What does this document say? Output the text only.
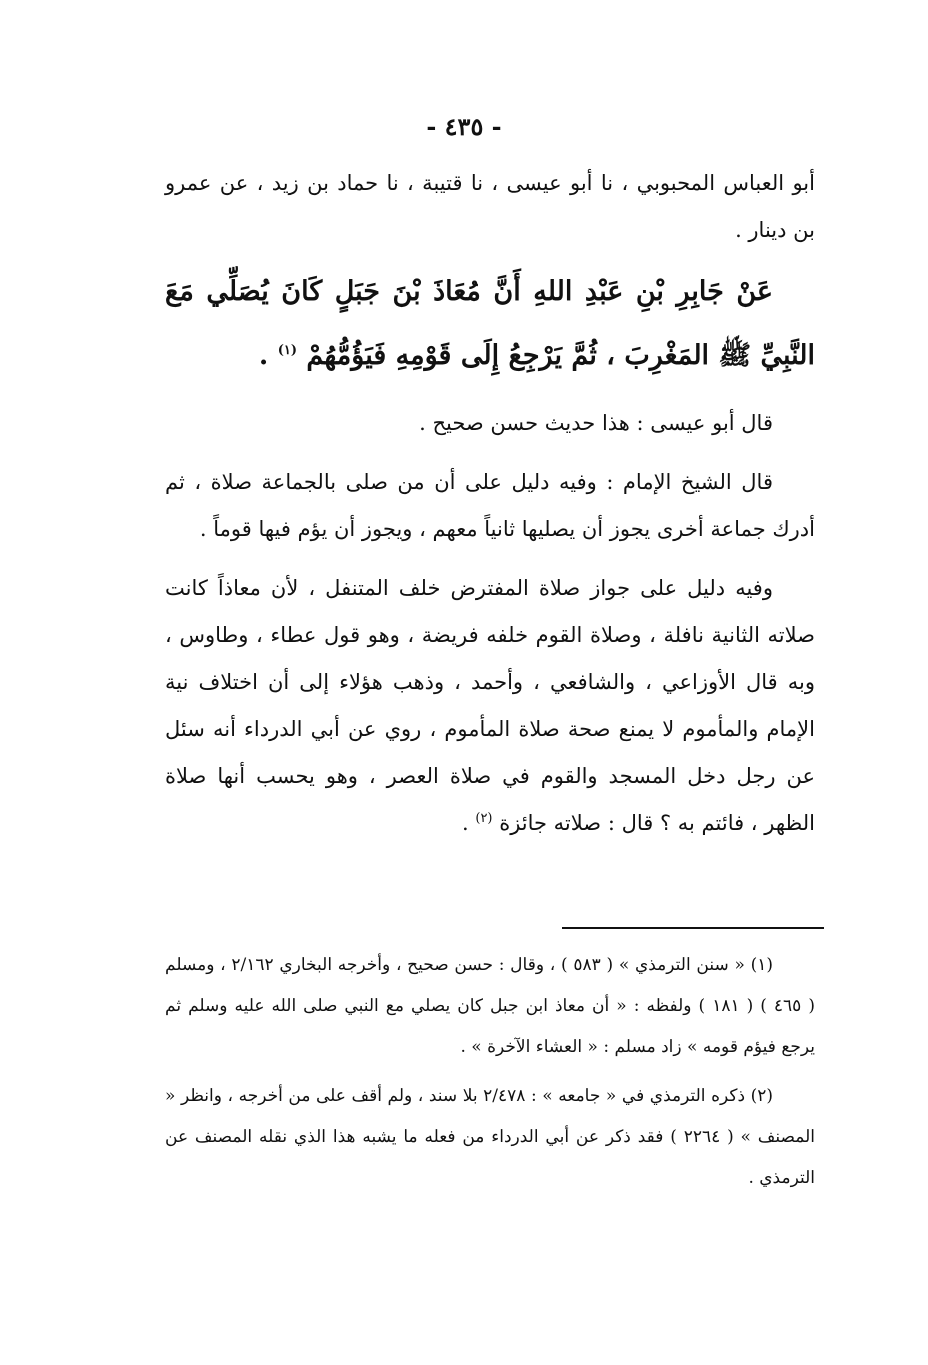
- ٤٣٥ -

أبو العباس المحبوبي ، نا أبو عيسى ، نا قتيبة ، نا حماد بن زيد ، عن عمرو بن دينار .

عَنْ جَابِرِ بْنِ عَبْدِ اللهِ أَنَّ مُعَاذَ بْنَ جَبَلٍ كَانَ يُصَلِّي مَعَ النَّبِيِّ ﷺ المَغْرِبَ ، ثُمَّ يَرْجِعُ إِلَى قَوْمِهِ فَيَؤُمُّهُمْ $^{(١)}$ .

قال أبو عيسى : هذا حديث حسن صحيح .

قال الشيخ الإمام : وفيه دليل على أن من صلى بالجماعة صلاة ، ثم أدرك جماعة أخرى يجوز أن يصليها ثانياً معهم ، ويجوز أن يؤم فيها قوماً .

وفيه دليل على جواز صلاة المفترض خلف المتنفل ، لأن معاذاً كانت صلاته الثانية نافلة ، وصلاة القوم خلفه فريضة ، وهو قول عطاء ، وطاوس ، وبه قال الأوزاعي ، والشافعي ، وأحمد ، وذهب هؤلاء إلى أن اختلاف نية الإمام والمأموم لا يمنع صحة صلاة المأموم ، روي عن أبي الدرداء أنه سئل عن رجل دخل المسجد والقوم في صلاة العصر ، وهو يحسب أنها صلاة الظهر ، فائتم به ؟ قال : صلاته جائزة $^{(٢)}$ .

(١) « سنن الترمذي » ( ٥٨٣ ) ، وقال : حسن صحيح ، وأخرجه البخاري ٢/١٦٢ ، ومسلم ( ٤٦٥ ) ( ١٨١ ) ولفظه : « أن معاذ ابن جبل كان يصلي مع النبي صلى الله عليه وسلم ثم يرجع فيؤم قومه » زاد مسلم : « العشاء الآخرة » .

(٢) ذكره الترمذي في « جامعه » : ٢/٤٧٨ بلا سند ، ولم أقف على من أخرجه ، وانظر « المصنف » ( ٢٢٦٤ ) فقد ذكر عن أبي الدرداء من فعله ما يشبه هذا الذي نقله المصنف عن الترمذي .
